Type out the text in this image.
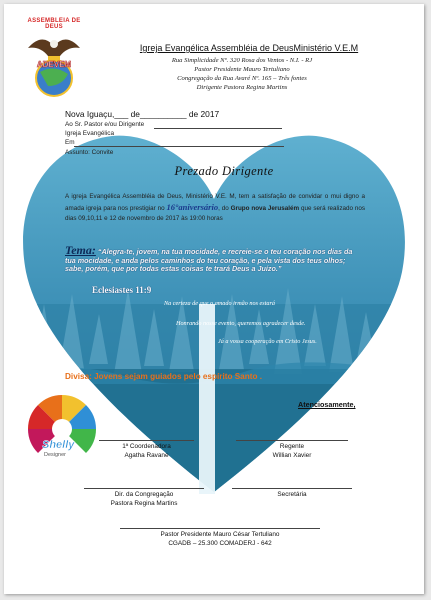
ASSEMBLEIA DE DEUS
ADEVEM
Igreja Evangélica Assembléia de DeusMinistério V.E.M
Rua Simplicidade Nº. 320 Rosa dos Ventos - N.I. - RJ
Pastor Presidente Mauro Tertuliano
Congregação da Rua Avaré Nº. 165 – Três fontes
Dirigente Pastora Regina Martins
Nova Iguaçu,___ de__________ de 2017
Ao Sr. Pastor e/ou Dirigente
Igreja Evangélica
Em
Assunto: Convite
Prezado Dirigente
A igreja Evangélica Assembléia de Deus, Ministério V.E. M, tem a satisfação de convidar o mui digno a amada igreja para nos prestigiar no 16°aniversário, do Grupo nova Jerusalém que será realizado nos dias 09,10,11 e 12 de novembro de 2017 às 19:00 horas
Tema: “Alegra-te, jovem, na tua mocidade, e recreie-se o teu coração nos dias da tua mocidade, e anda pelos caminhos do teu coração, e pela vista dos teus olhos; sabe, porém, que por todas estas coisas te trará Deus a Juízo.”
Eclesiastes 11:9
Na certeza de que o amado irmão nos estará
Honrando nosse evento, queremos agradecer desde.
Já a vossa cooperação em Cristo Jesus.
Divisa: Jovens sejam guiados pelo espírito Santo .
Atenciosamente,
Shelly
Designer
1ª Coordenadora
Agatha Ravane
Regente
Willian Xavier
Dir. da Congregação
Pastora Regina Martins
Secretária
Pastor Presidente Mauro César Tertuliano
CGADB – 25.300 COMADERJ - 642
